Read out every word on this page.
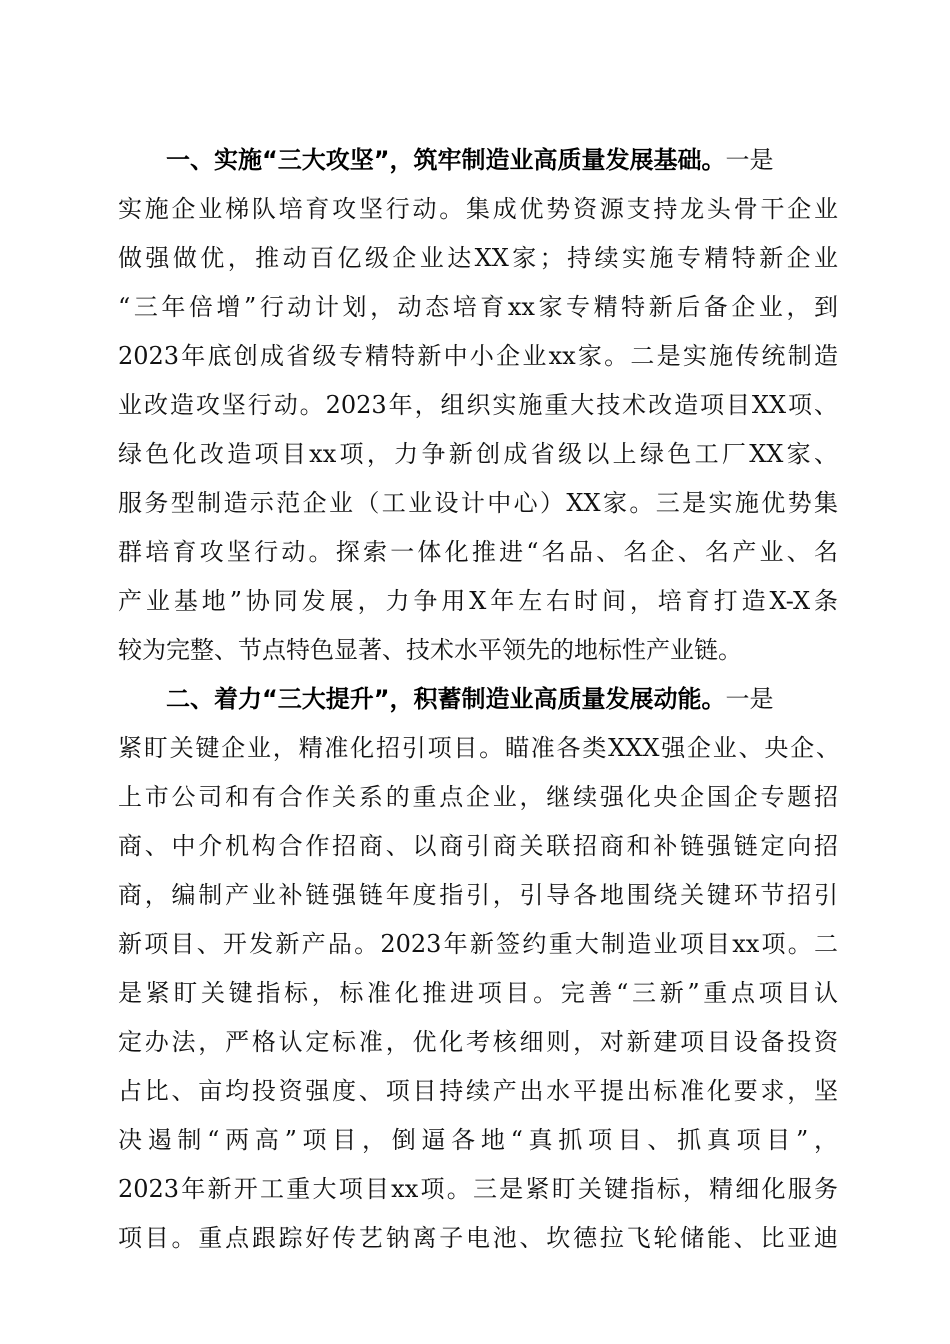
一、实施“三大攻坚”，筑牢制造业高质量发展基础。一是
实施企业梯队培育攻坚行动。集成优势资源支持龙头骨干企业
做强做优，推动百亿级企业达XX家；持续实施专精特新企业
“三年倍增”行动计划，动态培育xx家专精特新后备企业，到
2023年底创成省级专精特新中小企业xx家。二是实施传统制造
业改造攻坚行动。2023年，组织实施重大技术改造项目XX项、
绿色化改造项目xx项，力争新创成省级以上绿色工厂XX家、
服务型制造示范企业（工业设计中心）XX家。三是实施优势集
群培育攻坚行动。探索一体化推进“名品、名企、名产业、名
产业基地”协同发展，力争用X年左右时间，培育打造X-X条
较为完整、节点特色显著、技术水平领先的地标性产业链。
二、着力“三大提升”，积蓄制造业高质量发展动能。一是
紧盯关键企业，精准化招引项目。瞄准各类XXX强企业、央企、
上市公司和有合作关系的重点企业，继续强化央企国企专题招
商、中介机构合作招商、以商引商关联招商和补链强链定向招
商，编制产业补链强链年度指引，引导各地围绕关键环节招引
新项目、开发新产品。2023年新签约重大制造业项目xx项。二
是紧盯关键指标，标准化推进项目。完善“三新”重点项目认
定办法，严格认定标准，优化考核细则，对新建项目设备投资
占比、亩均投资强度、项目持续产出水平提出标准化要求，坚
决遏制“两高”项目，倒逼各地“真抓项目、抓真项目”，
2023年新开工重大项目xx项。三是紧盯关键指标，精细化服务
项目。重点跟踪好传艺钠离子电池、坎德拉飞轮储能、比亚迪
